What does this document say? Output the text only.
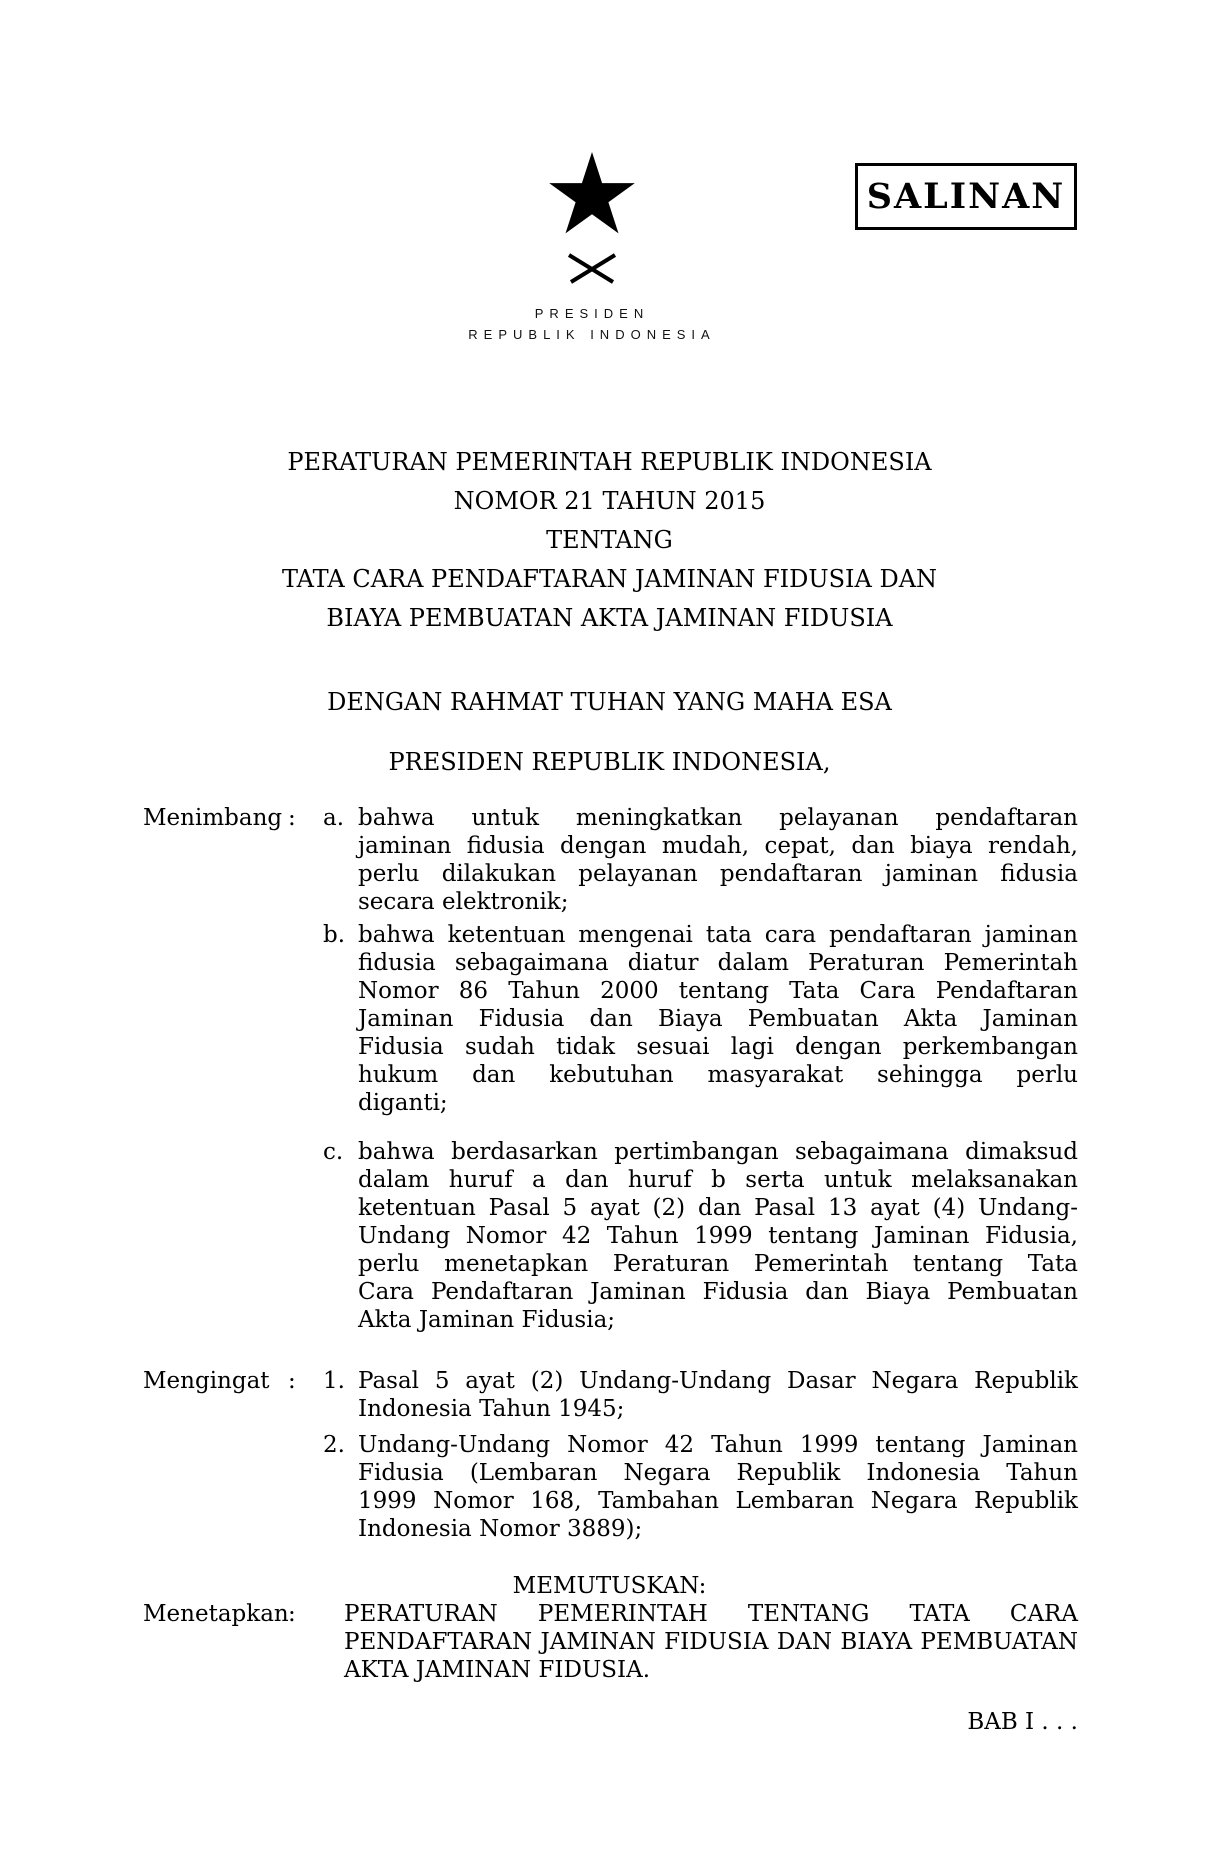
SALINAN
PRESIDEN
REPUBLIK INDONESIA
PERATURAN PEMERINTAH REPUBLIK INDONESIA
NOMOR 21 TAHUN 2015
TENTANG
TATA CARA PENDAFTARAN JAMINAN FIDUSIA DAN
BIAYA PEMBUATAN AKTA JAMINAN FIDUSIA
DENGAN RAHMAT TUHAN YANG MAHA ESA
PRESIDEN REPUBLIK INDONESIA,
Menimbang :	a. bahwa untuk meningkatkan pelayanan pendaftaran
jaminan fidusia dengan mudah, cepat, dan biaya rendah,
perlu dilakukan pelayanan pendaftaran jaminan fidusia
secara elektronik;
b. bahwa ketentuan mengenai tata cara pendaftaran jaminan
fidusia sebagaimana diatur dalam Peraturan Pemerintah
Nomor 86 Tahun 2000 tentang Tata Cara Pendaftaran
Jaminan Fidusia dan Biaya Pembuatan Akta Jaminan
Fidusia sudah tidak sesuai lagi dengan perkembangan
hukum dan kebutuhan masyarakat sehingga perlu
diganti;
c. bahwa berdasarkan pertimbangan sebagaimana dimaksud
dalam huruf a dan huruf b serta untuk melaksanakan
ketentuan Pasal 5 ayat (2) dan Pasal 13 ayat (4) Undang-
Undang Nomor 42 Tahun 1999 tentang Jaminan Fidusia,
perlu menetapkan Peraturan Pemerintah tentang Tata
Cara Pendaftaran Jaminan Fidusia dan Biaya Pembuatan
Akta Jaminan Fidusia;
Mengingat :	1. Pasal 5 ayat (2) Undang-Undang Dasar Negara Republik
Indonesia Tahun 1945;
2. Undang-Undang Nomor 42 Tahun 1999 tentang Jaminan
Fidusia (Lembaran Negara Republik Indonesia Tahun
1999 Nomor 168, Tambahan Lembaran Negara Republik
Indonesia Nomor 3889);
MEMUTUSKAN:
Menetapkan :	PERATURAN PEMERINTAH TENTANG TATA CARA
PENDAFTARAN JAMINAN FIDUSIA DAN BIAYA PEMBUATAN
AKTA JAMINAN FIDUSIA.
BAB I . . .
